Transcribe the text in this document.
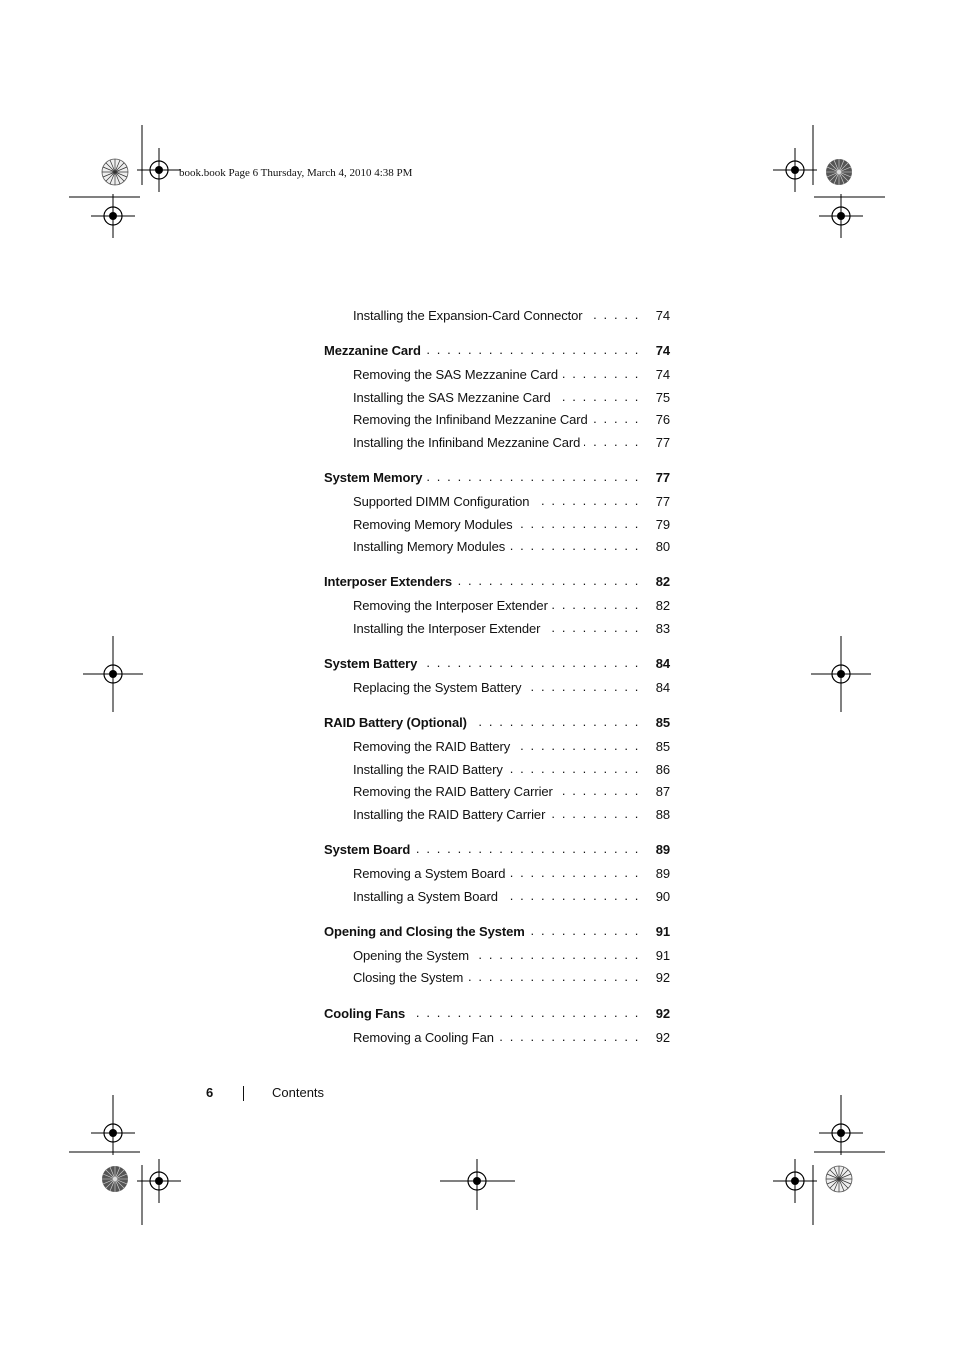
book.book Page 6 Thursday, March 4, 2010 4:38 PM
Installing the Expansion-Card Connector . . .	74
Mezzanine Card . . .	74
Removing the SAS Mezzanine Card . . .	74
Installing the SAS Mezzanine Card . . .	75
Removing the Infiniband Mezzanine Card . . .	76
Installing the Infiniband Mezzanine Card . . .	77
System Memory . . .	77
Supported DIMM Configuration . . .	77
Removing Memory Modules . . .	79
Installing Memory Modules . . .	80
Interposer Extenders . . .	82
Removing the Interposer Extender . . .	82
Installing the Interposer Extender . . .	83
System Battery . . .	84
Replacing the System Battery . . .	84
RAID Battery (Optional) . . .	85
Removing the RAID Battery . . .	85
Installing the RAID Battery . . .	86
Removing the RAID Battery Carrier . . .	87
Installing the RAID Battery Carrier . . .	88
System Board . . .	89
Removing a System Board . . .	89
Installing a System Board . . .	90
Opening and Closing the System . . .	91
Opening the System . . .	91
Closing the System . . .	92
Cooling Fans . . .	92
Removing a Cooling Fan . . .	92
6	Contents
